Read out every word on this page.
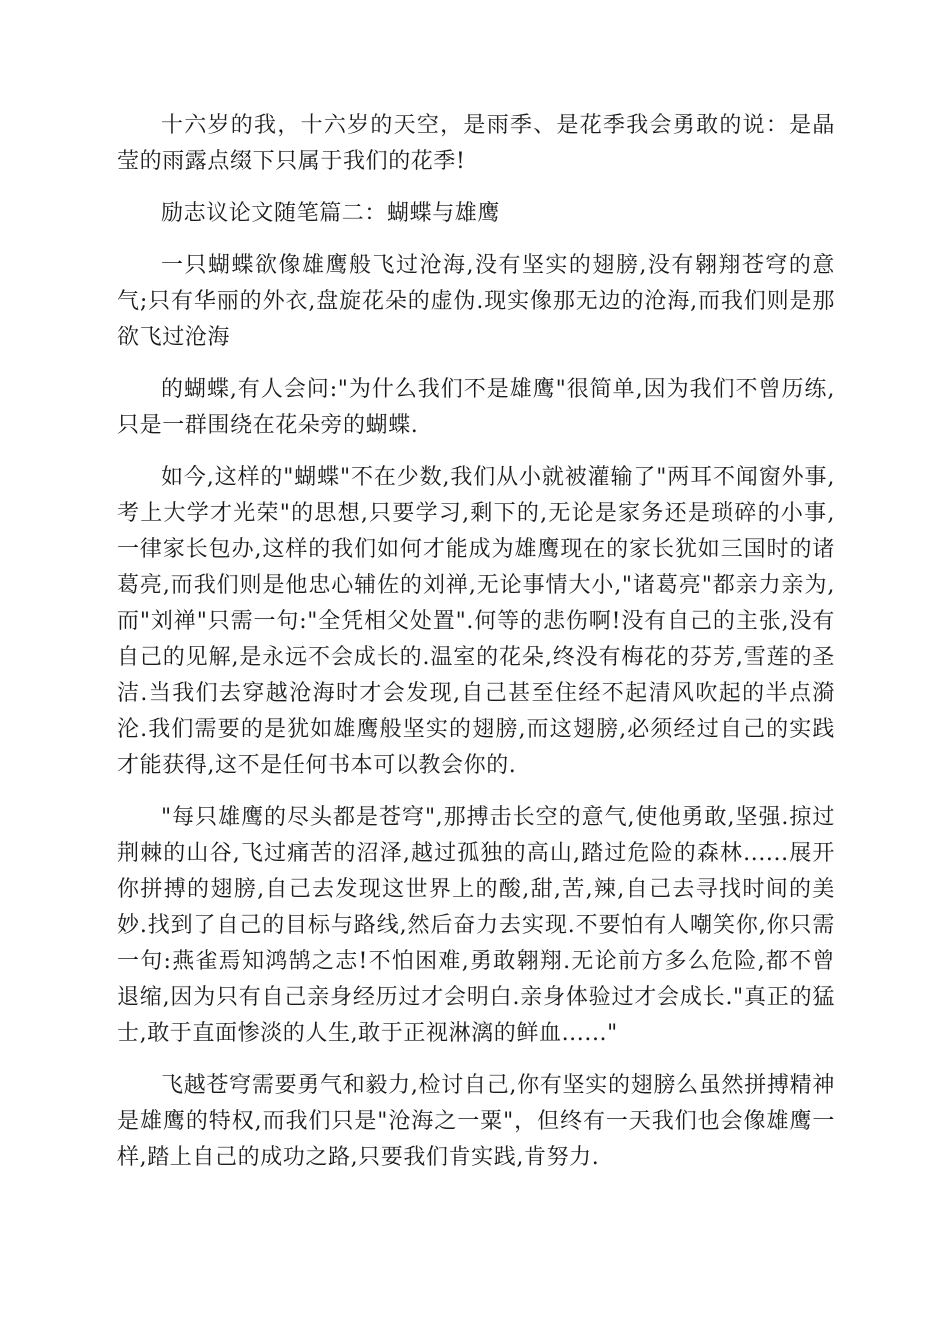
十六岁的我，十六岁的天空，是雨季、是花季我会勇敢的说：是晶莹的雨露点缀下只属于我们的花季!

励志议论文随笔篇二：蝴蝶与雄鹰

一只蝴蝶欲像雄鹰般飞过沧海,没有坚实的翅膀,没有翱翔苍穹的意气;只有华丽的外衣,盘旋花朵的虚伪.现实像那无边的沧海,而我们则是那欲飞过沧海

的蝴蝶,有人会问:"为什么我们不是雄鹰"很简单,因为我们不曾历练,只是一群围绕在花朵旁的蝴蝶.

如今,这样的"蝴蝶"不在少数,我们从小就被灌输了"两耳不闻窗外事,考上大学才光荣"的思想,只要学习,剩下的,无论是家务还是琐碎的小事,一律家长包办,这样的我们如何才能成为雄鹰现在的家长犹如三国时的诸葛亮,而我们则是他忠心辅佐的刘禅,无论事情大小,"诸葛亮"都亲力亲为,而"刘禅"只需一句:"全凭相父处置".何等的悲伤啊!没有自己的主张,没有自己的见解,是永远不会成长的.温室的花朵,终没有梅花的芬芳,雪莲的圣洁.当我们去穿越沧海时才会发现,自己甚至住经不起清风吹起的半点漪沦.我们需要的是犹如雄鹰般坚实的翅膀,而这翅膀,必须经过自己的实践才能获得,这不是任何书本可以教会你的.

"每只雄鹰的尽头都是苍穹",那搏击长空的意气,使他勇敢,坚强.掠过荆棘的山谷,飞过痛苦的沼泽,越过孤独的高山,踏过危险的森林......展开你拼搏的翅膀,自己去发现这世界上的酸,甜,苦,辣,自己去寻找时间的美妙.找到了自己的目标与路线,然后奋力去实现.不要怕有人嘲笑你,你只需一句:燕雀焉知鸿鹄之志!不怕困难,勇敢翱翔.无论前方多么危险,都不曾退缩,因为只有自己亲身经历过才会明白.亲身体验过才会成长."真正的猛士,敢于直面惨淡的人生,敢于正视淋漓的鲜血......"

飞越苍穹需要勇气和毅力,检讨自己,你有坚实的翅膀么虽然拼搏精神是雄鹰的特权,而我们只是"沧海之一粟"，但终有一天我们也会像雄鹰一样,踏上自己的成功之路,只要我们肯实践,肯努力.
